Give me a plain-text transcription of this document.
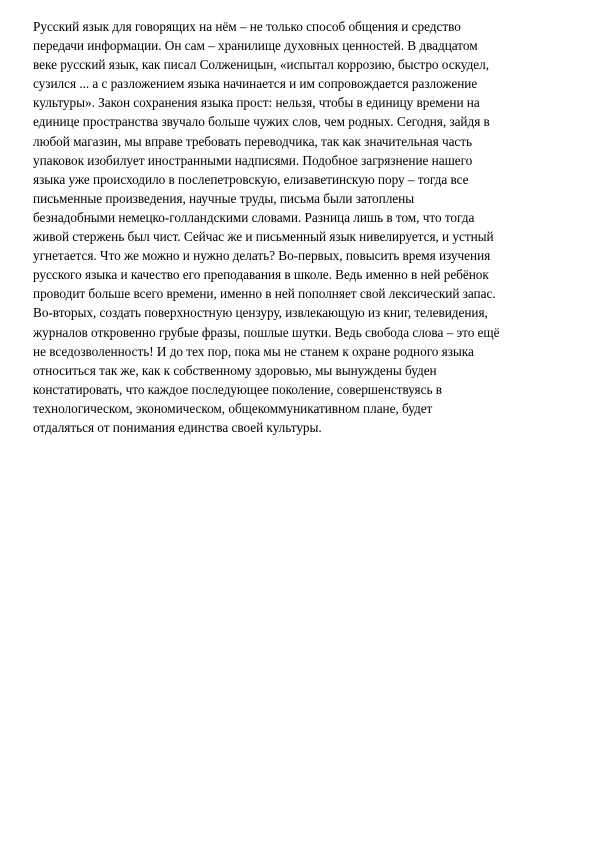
Русский язык для говорящих на нём – не только способ общения и средство
передачи информации. Он сам – хранилище духовных ценностей. В двадцатом
веке русский язык, как писал Солженицын, «испытал коррозию, быстро оскудел,
сузился ... а с разложением языка начинается и им сопровождается разложение
культуры». Закон сохранения языка прост: нельзя, чтобы в единицу времени на
единице пространства звучало больше чужих слов, чем родных. Сегодня, зайдя в
любой магазин, мы вправе требовать переводчика, так как значительная часть
упаковок изобилует иностранными надписями. Подобное загрязнение нашего
языка уже происходило в послепетровскую, елизаветинскую пору – тогда все
письменные произведения, научные труды, письма были затоплены
безнадобными немецко-голландскими словами. Разница лишь в том, что тогда
живой стержень был чист. Сейчас же и письменный язык нивелируется, и устный
угнетается. Что же можно и нужно делать? Во-первых, повысить время изучения
русского языка и качество его преподавания в школе. Ведь именно в ней ребёнок
проводит больше всего времени, именно в ней пополняет свой лексический запас.
Во-вторых, создать поверхностную цензуру, извлекающую из книг, телевидения,
журналов откровенно грубые фразы, пошлые шутки. Ведь свобода слова – это ещё
не вседозволенность! И до тех пор, пока мы не станем к охране родного языка
относиться так же, как к собственному здоровью, мы вынуждены буден
констатировать, что каждое последующее поколение, совершенствуясь в
технологическом, экономическом, общекоммуникативном плане, будет
отдаляться от понимания единства своей культуры.
